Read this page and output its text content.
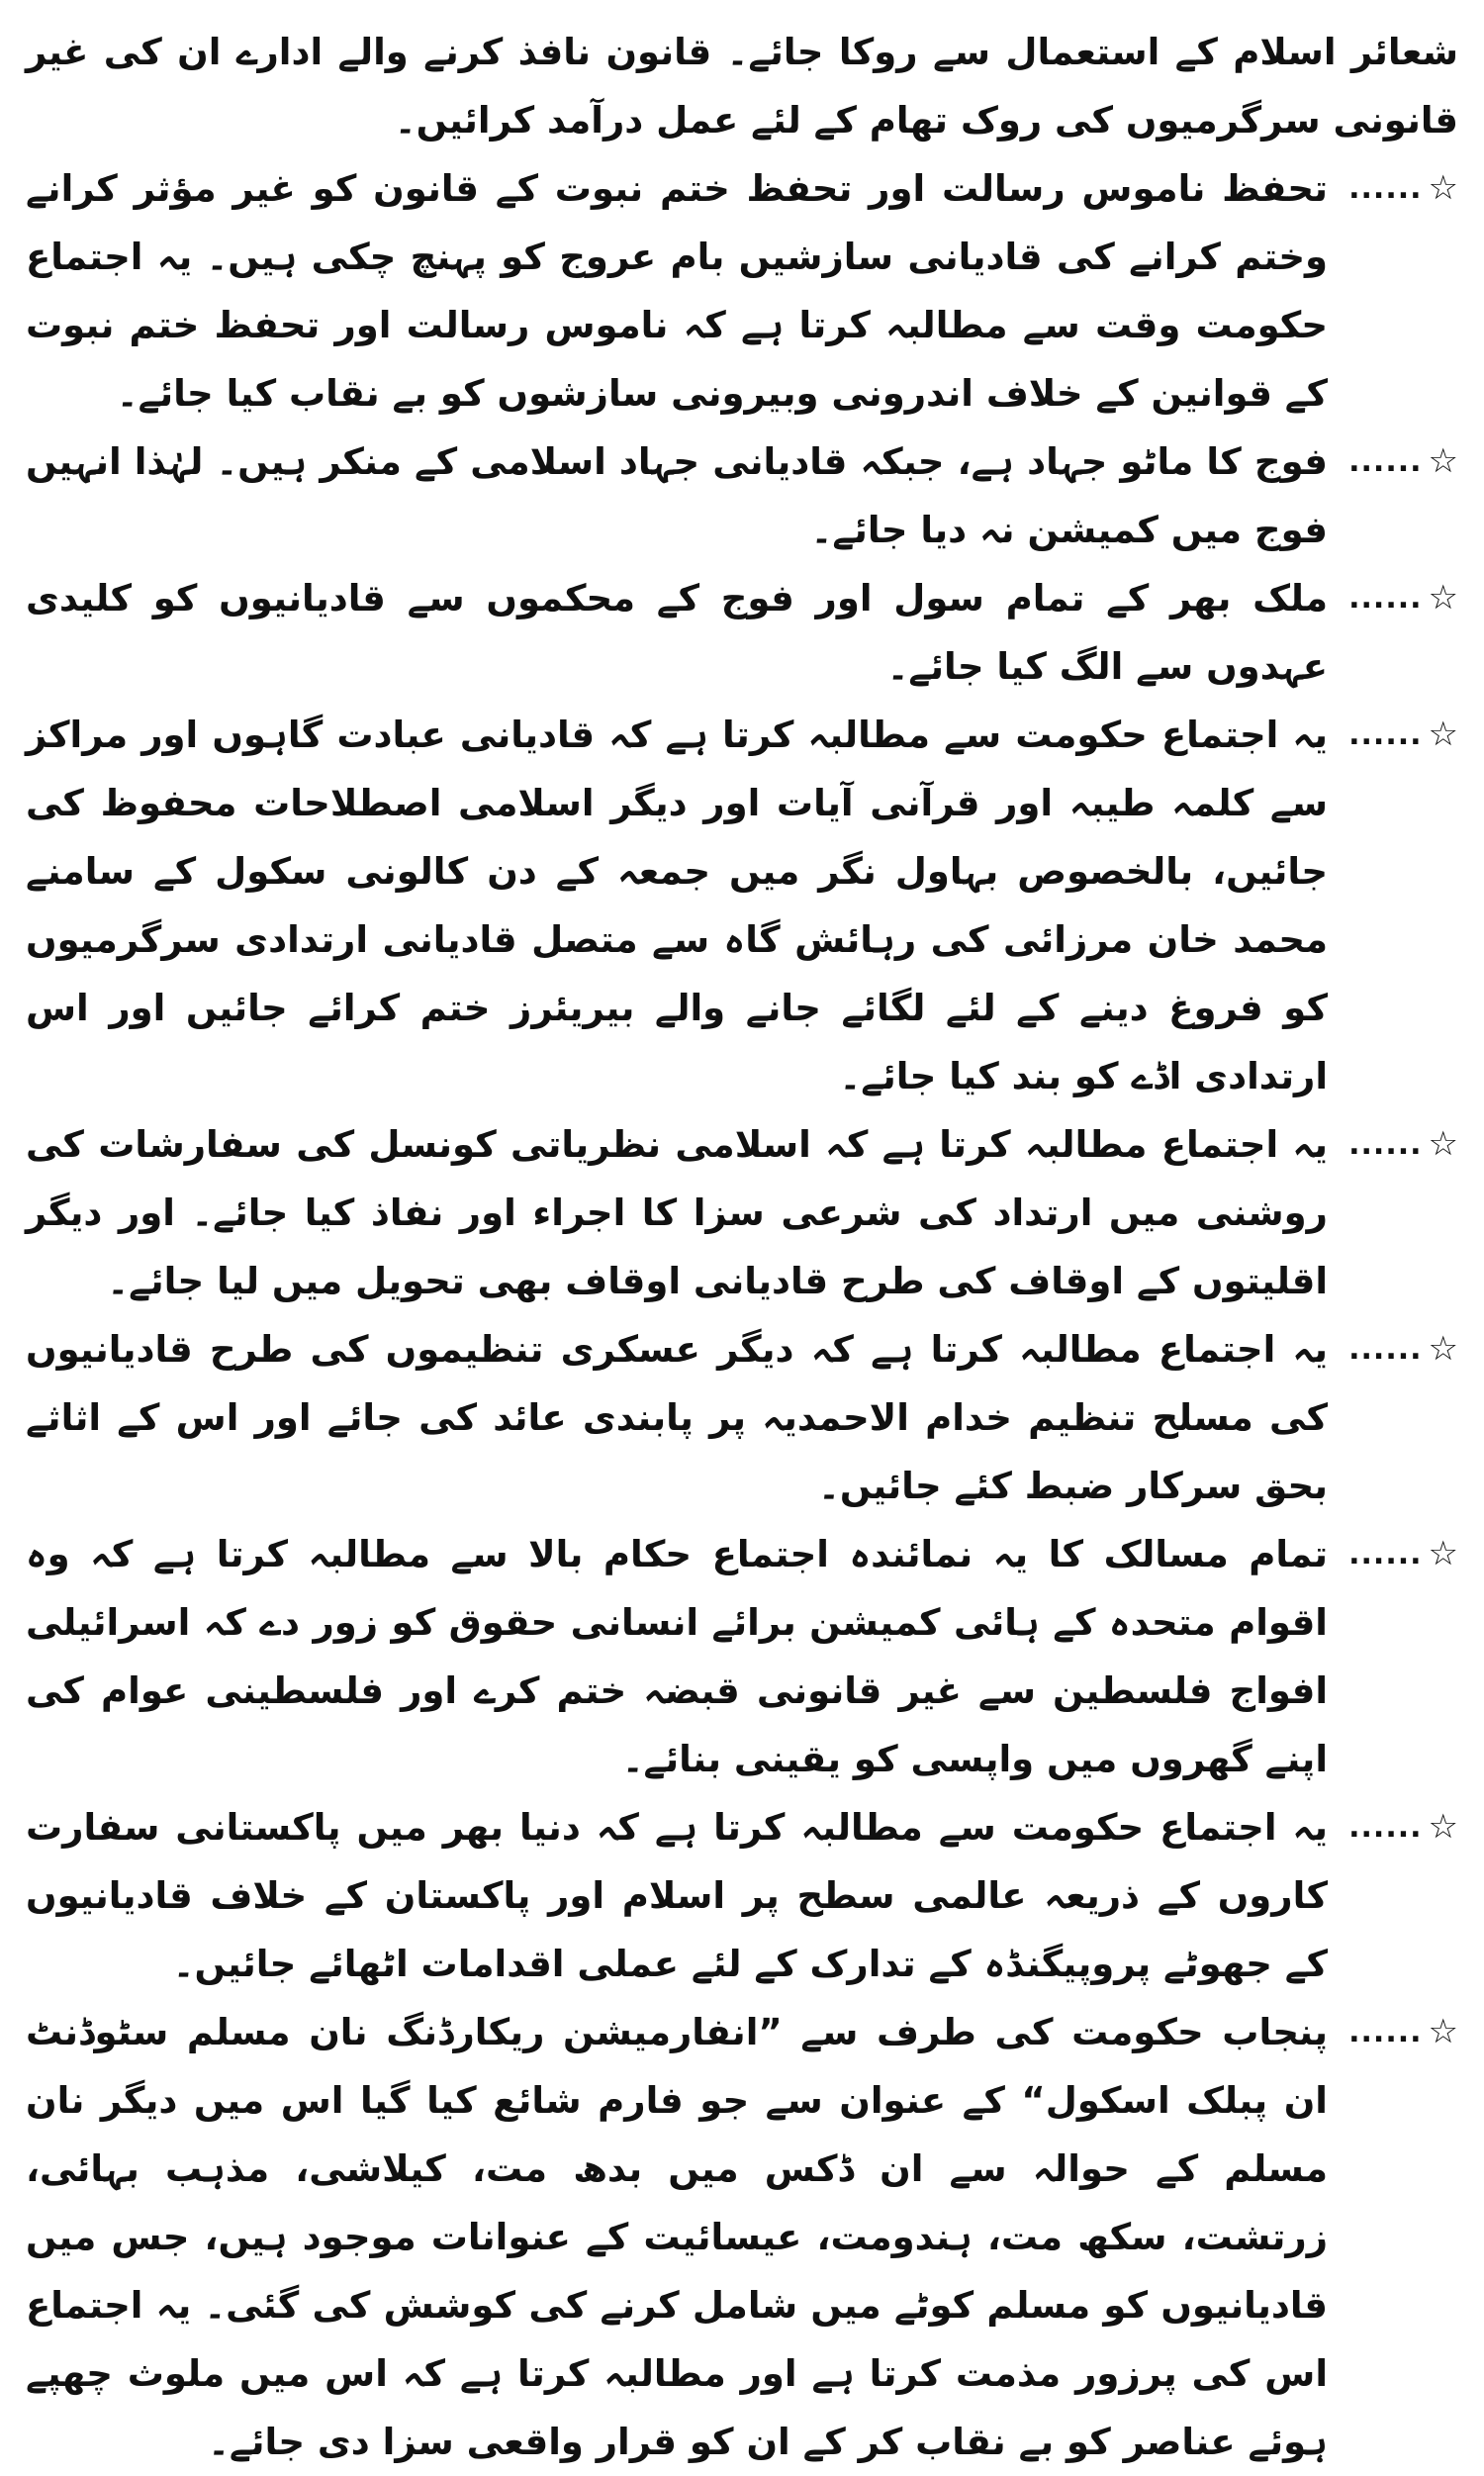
شعائر اسلام کے استعمال سے روکا جائے۔ قانون نافذ کرنے والے ادارے ان کی غیر قانونی سرگرمیوں کی روک تھام کے لئے عمل درآمد کرائیں۔

...... ☆

تحفظ ناموس رسالت اور تحفظ ختم نبوت کے قانون کو غیر مؤثر کرانے وختم کرانے کی قادیانی سازشیں بام عروج کو پہنچ چکی ہیں۔ یہ اجتماع حکومت وقت سے مطالبہ کرتا ہے کہ ناموس رسالت اور تحفظ ختم نبوت کے قوانین کے خلاف اندرونی وبیرونی سازشوں کو بے نقاب کیا جائے۔

...... ☆

فوج کا ماٹو جہاد ہے، جبکہ قادیانی جہاد اسلامی کے منکر ہیں۔ لہٰذا انہیں فوج میں کمیشن نہ دیا جائے۔

...... ☆

ملک بھر کے تمام سول اور فوج کے محکموں سے قادیانیوں کو کلیدی عہدوں سے الگ کیا جائے۔

...... ☆

یہ اجتماع حکومت سے مطالبہ کرتا ہے کہ قادیانی عبادت گاہوں اور مراکز سے کلمہ طیبہ اور قرآنی آیات اور دیگر اسلامی اصطلاحات محفوظ کی جائیں، بالخصوص بہاول نگر میں جمعہ کے دن کالونی سکول کے سامنے محمد خان مرزائی کی رہائش گاہ سے متصل قادیانی ارتدادی سرگرمیوں کو فروغ دینے کے لئے لگائے جانے والے بیریئرز ختم کرائے جائیں اور اس ارتدادی اڈے کو بند کیا جائے۔

...... ☆

یہ اجتماع مطالبہ کرتا ہے کہ اسلامی نظریاتی کونسل کی سفارشات کی روشنی میں ارتداد کی شرعی سزا کا اجراء اور نفاذ کیا جائے۔ اور دیگر اقلیتوں کے اوقاف کی طرح قادیانی اوقاف بھی تحویل میں لیا جائے۔

...... ☆

یہ اجتماع مطالبہ کرتا ہے کہ دیگر عسکری تنظیموں کی طرح قادیانیوں کی مسلح تنظیم خدام الاحمدیہ پر پابندی عائد کی جائے اور اس کے اثاثے بحق سرکار ضبط کئے جائیں۔

...... ☆

تمام مسالک کا یہ نمائندہ اجتماع حکام بالا سے مطالبہ کرتا ہے کہ وہ اقوام متحدہ کے ہائی کمیشن برائے انسانی حقوق کو زور دے کہ اسرائیلی افواج فلسطین سے غیر قانونی قبضہ ختم کرے اور فلسطینی عوام کی اپنے گھروں میں واپسی کو یقینی بنائے۔

...... ☆

یہ اجتماع حکومت سے مطالبہ کرتا ہے کہ دنیا بھر میں پاکستانی سفارت کاروں کے ذریعہ عالمی سطح پر اسلام اور پاکستان کے خلاف قادیانیوں کے جھوٹے پروپیگنڈہ کے تدارک کے لئے عملی اقدامات اٹھائے جائیں۔

...... ☆

پنجاب حکومت کی طرف سے ”انفارمیشن ریکارڈنگ نان مسلم سٹوڈنٹ ان پبلک اسکول“ کے عنوان سے جو فارم شائع کیا گیا اس میں دیگر نان مسلم کے حوالہ سے ان ڈکس میں بدھ مت، کیلاشی، مذہب بہائی، زرتشت، سکھ مت، ہندومت، عیسائیت کے عنوانات موجود ہیں، جس میں قادیانیوں کو مسلم کوٹے میں شامل کرنے کی کوشش کی گئی۔ یہ اجتماع اس کی پرزور مذمت کرتا ہے اور مطالبہ کرتا ہے کہ اس میں ملوث چھپے ہوئے عناصر کو بے نقاب کر کے ان کو قرار واقعی سزا دی جائے۔
